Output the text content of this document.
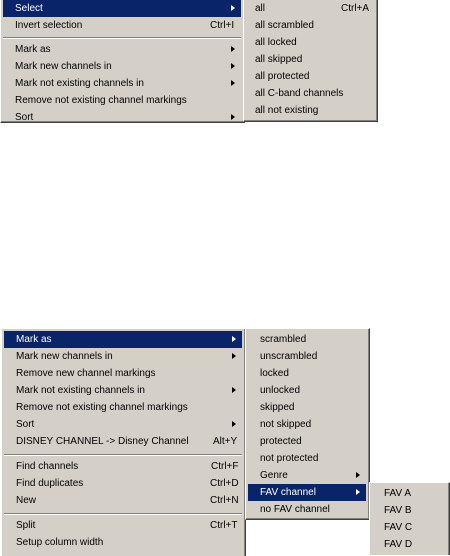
Select
Invert selection	Ctrl+I
Mark as
Mark new channels in
Mark not existing channels in
Remove not existing channel markings
Sort
all	Ctrl+A
all scrambled
all locked
all skipped
all protected
all C-band channels
all not existing
Mark as
Mark new channels in
Remove new channel markings
Mark not existing channels in
Remove not existing channel markings
Sort
DISNEY CHANNEL -> Disney Channel Alt+Y
Find channels	Ctrl+F
Find duplicates	Ctrl+D
New	Ctrl+N
Split	Ctrl+T
Setup column width
scrambled
unscrambled
locked
unlocked
skipped
not skipped
protected
not protected
Genre
FAV channel
no FAV channel
FAV A
FAV B
FAV C
FAV D
